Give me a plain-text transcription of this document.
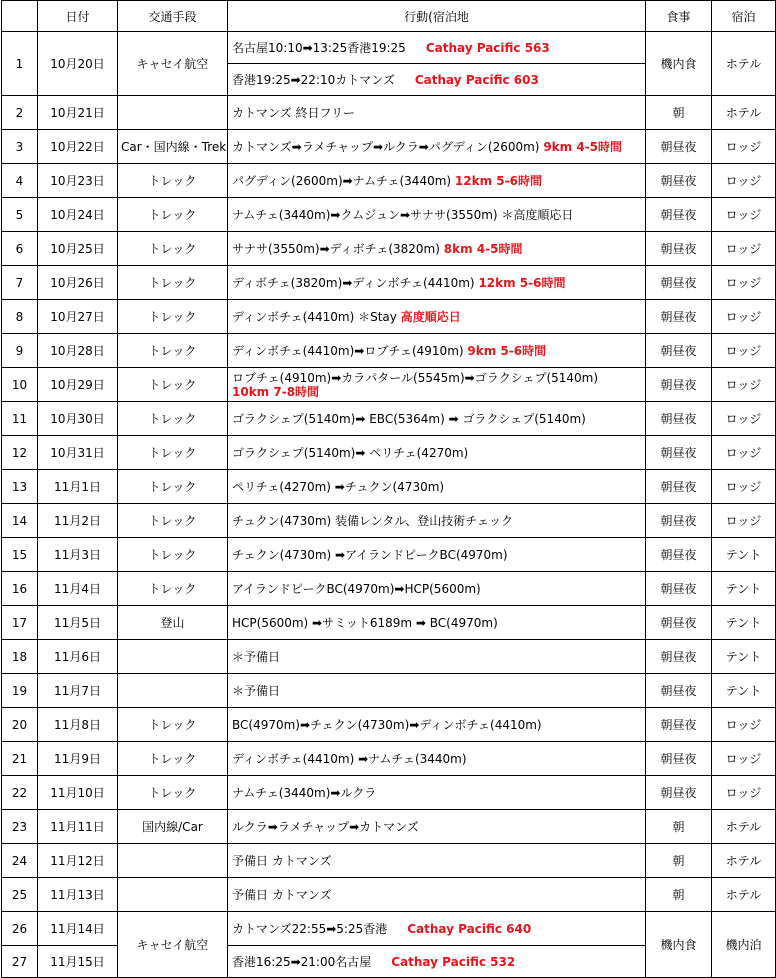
	日付	交通手段	行動(宿泊地	食事	宿泊
1	10月20日	キャセイ航空	名古屋10:10➡13:25香港19:25 Cathay Pacific 563	機内食	ホテル
			香港19:25➡22:10カトマンズ Cathay Pacific 603		
2	10月21日		カトマンズ 終日フリー	朝	ホテル
3	10月22日	Car・国内線・Trek	カトマンズ➡ラメチャップ➡ルクラ➡パグディン(2600m) 9km 4-5時間	朝昼夜	ロッジ
4	10月23日	トレック	パグディン(2600m)➡ナムチェ(3440m) 12km 5-6時間	朝昼夜	ロッジ
5	10月24日	トレック	ナムチェ(3440m)➡クムジュン➡サナサ(3550m) ＊高度順応日	朝昼夜	ロッジ
6	10月25日	トレック	サナサ(3550m)➡ディボチェ(3820m) 8km 4-5時間	朝昼夜	ロッジ
7	10月26日	トレック	ディボチェ(3820m)➡ディンボチェ(4410m) 12km 5-6時間	朝昼夜	ロッジ
8	10月27日	トレック	ディンボチェ(4410m) ＊Stay 高度順応日	朝昼夜	ロッジ
9	10月28日	トレック	ディンボチェ(4410m)➡ロブチェ(4910m) 9km 5-6時間	朝昼夜	ロッジ
10	10月29日	トレック	ロブチェ(4910m)➡カラパタール(5545m)➡ゴラクシェプ(5140m)
10km 7-8時間	朝昼夜	ロッジ
11	10月30日	トレック	ゴラクシェプ(5140m)➡ EBC(5364m) ➡ ゴラクシェプ(5140m)	朝昼夜	ロッジ
12	10月31日	トレック	ゴラクシェプ(5140m)➡ ペリチェ(4270m)	朝昼夜	ロッジ
13	11月1日	トレック	ペリチェ(4270m) ➡チュクン(4730m)	朝昼夜	ロッジ
14	11月2日	トレック	チュクン(4730m) 装備レンタル、登山技術チェック	朝昼夜	ロッジ
15	11月3日	トレック	チェクン(4730m) ➡アイランドピークBC(4970m)	朝昼夜	テント
16	11月4日	トレック	アイランドピークBC(4970m)➡HCP(5600m)	朝昼夜	テント
17	11月5日	登山	HCP(5600m) ➡サミット6189m ➡ BC(4970m)	朝昼夜	テント
18	11月6日		＊予備日	朝昼夜	テント
19	11月7日		＊予備日	朝昼夜	テント
20	11月8日	トレック	BC(4970m)➡チェクン(4730m)➡ディンボチェ(4410m)	朝昼夜	ロッジ
21	11月9日	トレック	ディンボチェ(4410m) ➡ナムチェ(3440m)	朝昼夜	ロッジ
22	11月10日	トレック	ナムチェ(3440m)➡ルクラ	朝昼夜	ロッジ
23	11月11日	国内線/Car	ルクラ➡ラメチャップ➡カトマンズ	朝	ホテル
24	11月12日		予備日 カトマンズ	朝	ホテル
25	11月13日		予備日 カトマンズ	朝	ホテル
26	11月14日	キャセイ航空	カトマンズ22:55➡5:25香港 Cathay Pacific 640	機内食	機内泊
27	11月15日		香港16:25➡21:00名古屋 Cathay Pacific 532		
